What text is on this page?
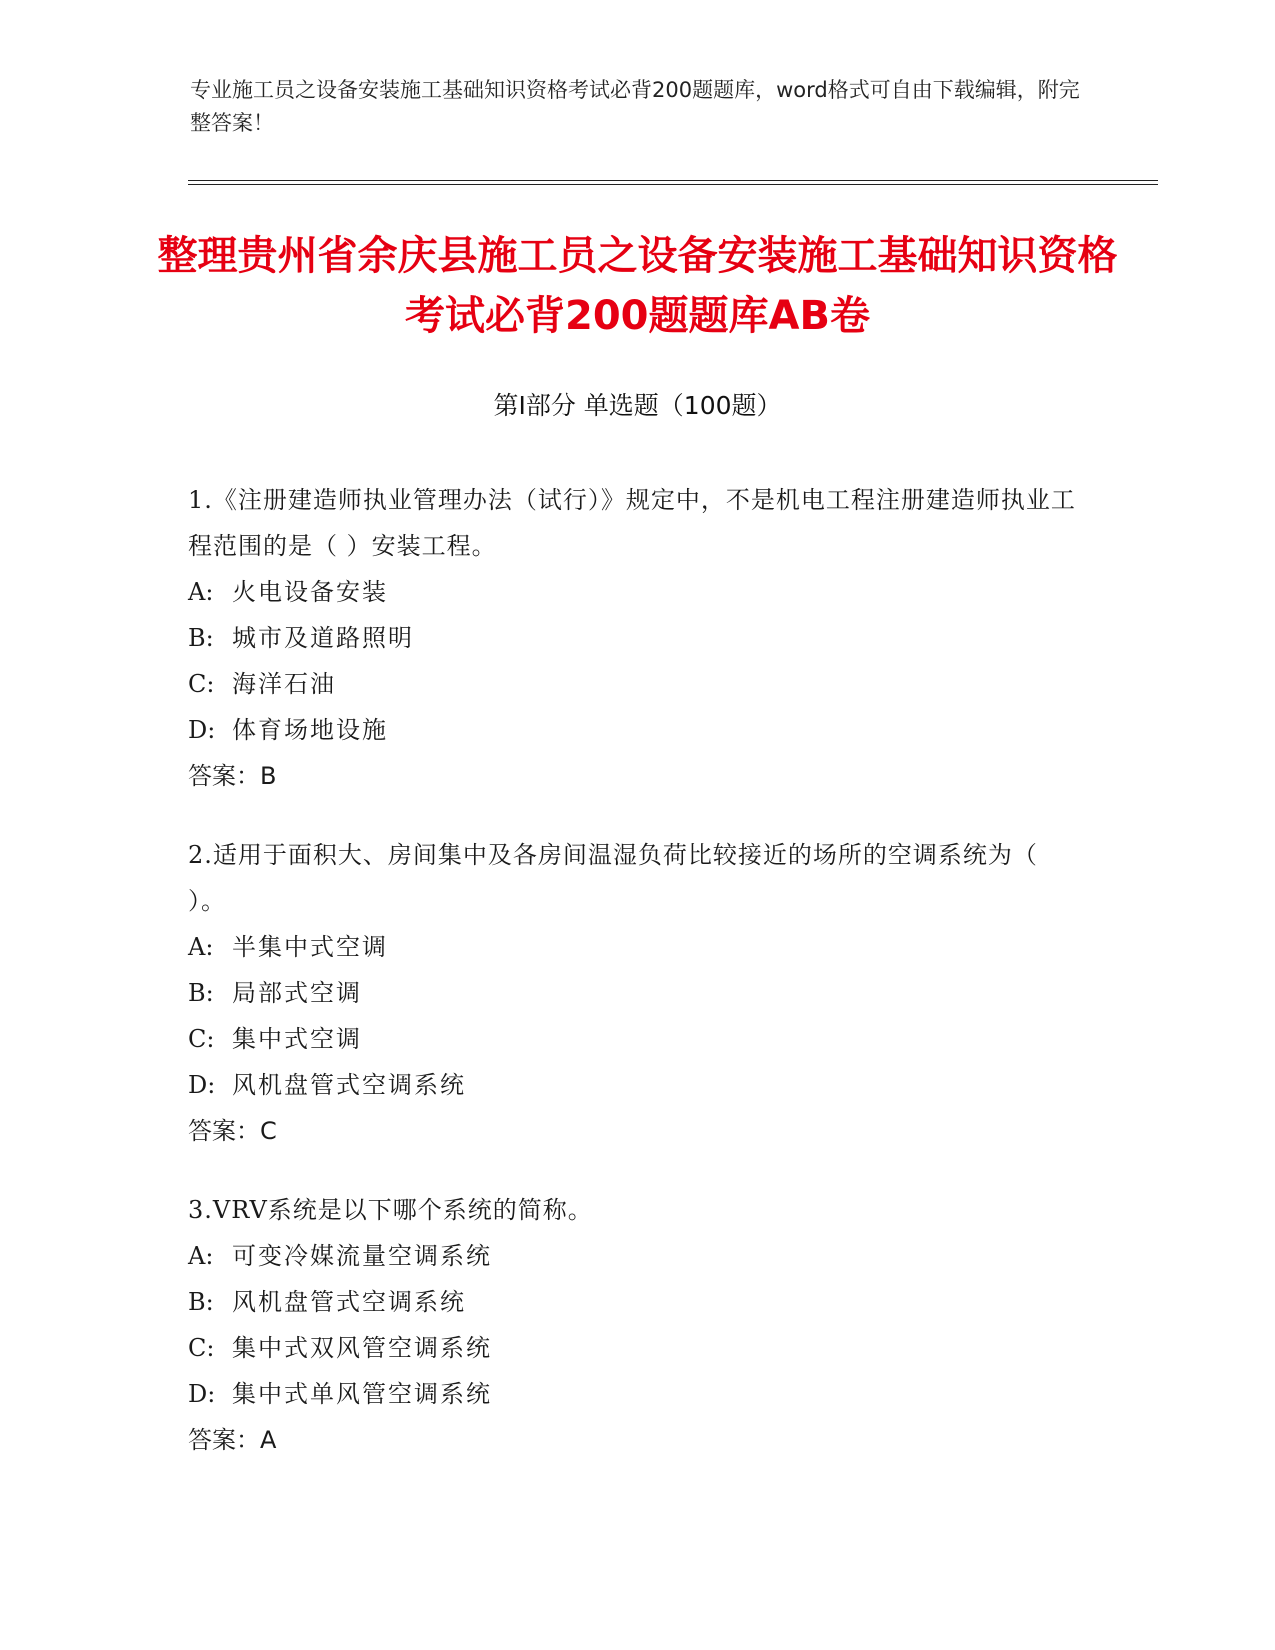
专业施工员之设备安装施工基础知识资格考试必背200题题库，word格式可自由下载编辑，附完整答案！
整理贵州省余庆县施工员之设备安装施工基础知识资格考试必背200题题库AB卷
第Ⅰ部分 单选题（100题）
1.《注册建造师执业管理办法（试行）》规定中，不是机电工程注册建造师执业工程范围的是（ ）安装工程。
A: 火电设备安装
B: 城市及道路照明
C: 海洋石油
D: 体育场地设施
答案：B
2.适用于面积大、房间集中及各房间温湿负荷比较接近的场所的空调系统为（ ）。
A: 半集中式空调
B: 局部式空调
C: 集中式空调
D: 风机盘管式空调系统
答案：C
3.VRV系统是以下哪个系统的简称。
A: 可变冷媒流量空调系统
B: 风机盘管式空调系统
C: 集中式双风管空调系统
D: 集中式单风管空调系统
答案：A
